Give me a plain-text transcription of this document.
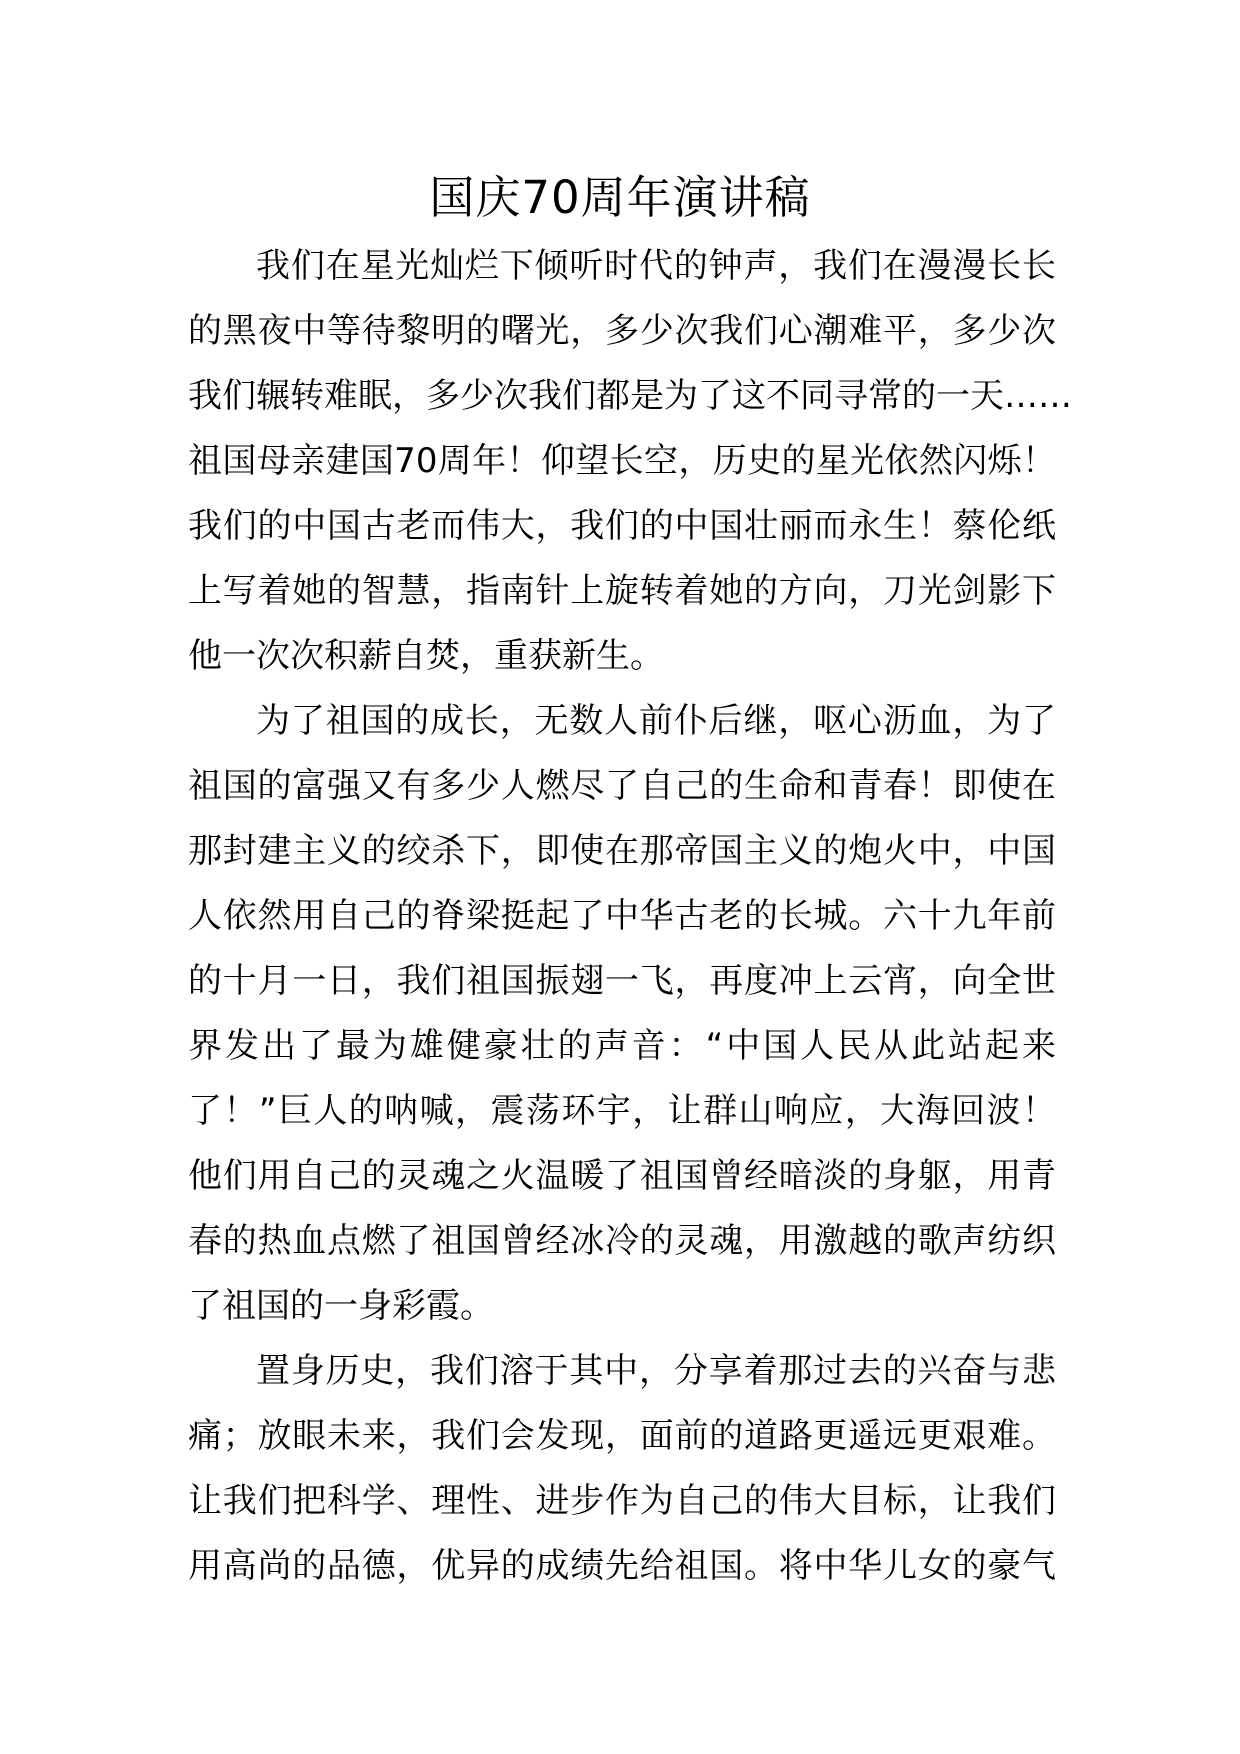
国庆70周年演讲稿
我们在星光灿烂下倾听时代的钟声，我们在漫漫长长
的黑夜中等待黎明的曙光，多少次我们心潮难平，多少次
我们辗转难眠，多少次我们都是为了这不同寻常的一天……
祖国母亲建国70周年！仰望长空，历史的星光依然闪烁！
我们的中国古老而伟大，我们的中国壮丽而永生！蔡伦纸
上写着她的智慧，指南针上旋转着她的方向，刀光剑影下
他一次次积薪自焚，重获新生。
为了祖国的成长，无数人前仆后继，呕心沥血，为了
祖国的富强又有多少人燃尽了自己的生命和青春！即使在
那封建主义的绞杀下，即使在那帝国主义的炮火中，中国
人依然用自己的脊梁挺起了中华古老的长城。六十九年前
的十月一日，我们祖国振翅一飞，再度冲上云宵，向全世
界发出了最为雄健豪壮的声音：“中国人民从此站起来
了！”巨人的呐喊，震荡环宇，让群山响应，大海回波！
他们用自己的灵魂之火温暖了祖国曾经暗淡的身躯，用青
春的热血点燃了祖国曾经冰冷的灵魂，用激越的歌声纺织
了祖国的一身彩霞。
置身历史，我们溶于其中，分享着那过去的兴奋与悲
痛；放眼未来，我们会发现，面前的道路更遥远更艰难。
让我们把科学、理性、进步作为自己的伟大目标，让我们
用高尚的品德，优异的成绩先给祖国。将中华儿女的豪气
